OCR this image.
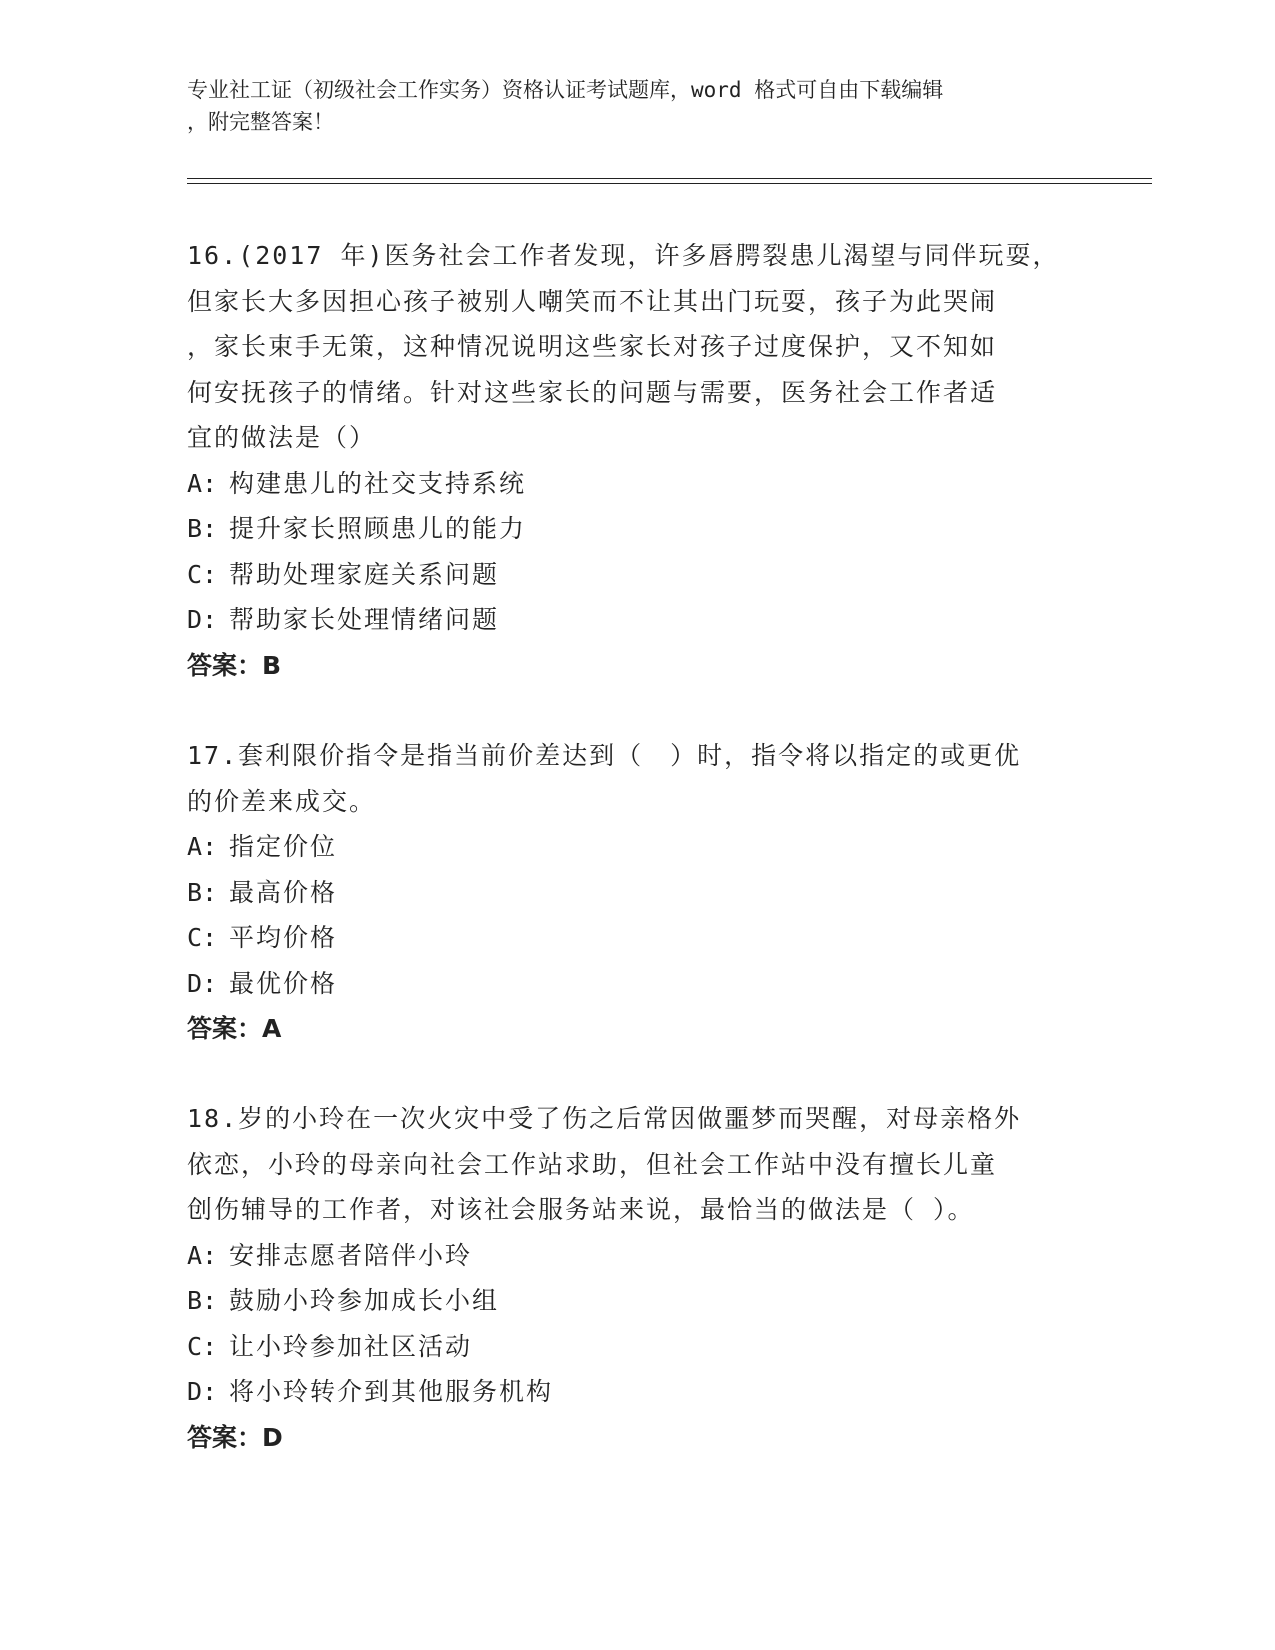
专业社工证（初级社会工作实务）资格认证考试题库，word 格式可自由下载编辑
，附完整答案！
16.(2017 年)医务社会工作者发现，许多唇腭裂患儿渴望与同伴玩耍，
但家长大多因担心孩子被别人嘲笑而不让其出门玩耍，孩子为此哭闹
，家长束手无策，这种情况说明这些家长对孩子过度保护，又不知如
何安抚孩子的情绪。针对这些家长的问题与需要，医务社会工作者适
宜的做法是（）
A: 构建患儿的社交支持系统
B: 提升家长照顾患儿的能力
C: 帮助处理家庭关系问题
D: 帮助家长处理情绪问题
答案：B
17.套利限价指令是指当前价差达到（　）时，指令将以指定的或更优
的价差来成交。
A: 指定价位
B: 最高价格
C: 平均价格
D: 最优价格
答案：A
18.岁的小玲在一次火灾中受了伤之后常因做噩梦而哭醒，对母亲格外
依恋，小玲的母亲向社会工作站求助，但社会工作站中没有擅长儿童
创伤辅导的工作者，对该社会服务站来说，最恰当的做法是（ ）。
A: 安排志愿者陪伴小玲
B: 鼓励小玲参加成长小组
C: 让小玲参加社区活动
D: 将小玲转介到其他服务机构
答案：D
